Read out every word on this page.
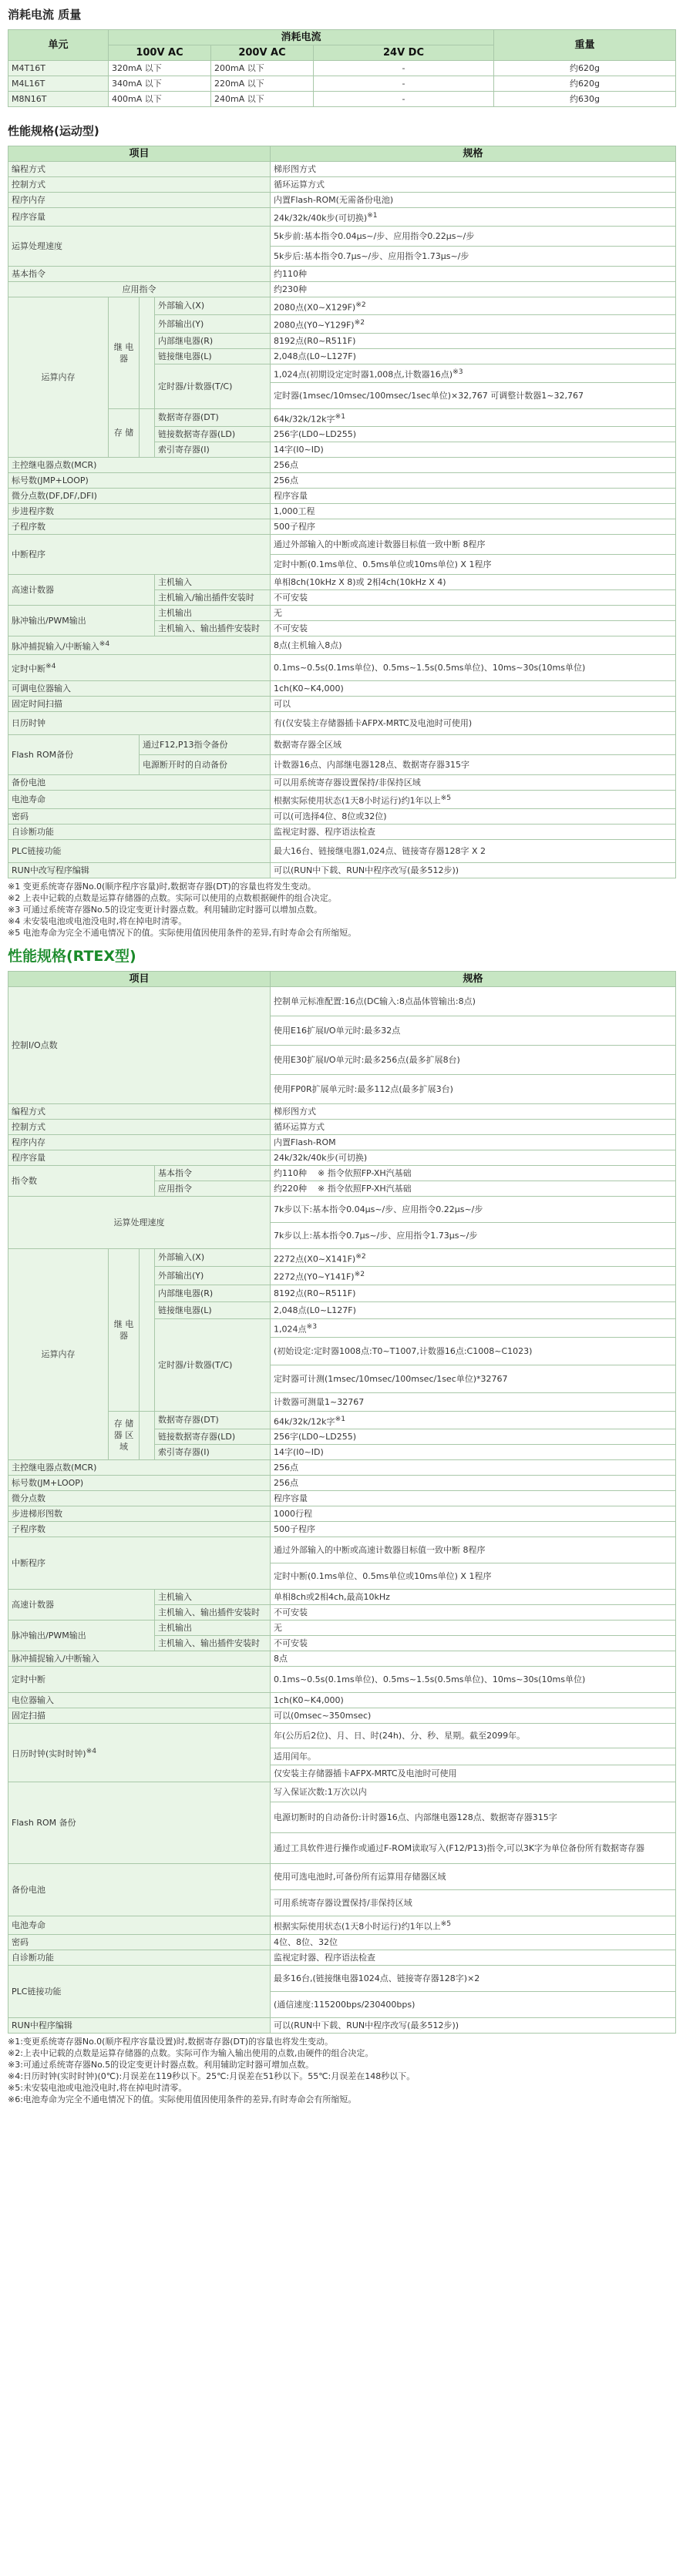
消耗电流 质量
单元	消耗电流			重量
	100V AC	200V AC	24V DC	
M4T16T	320mA 以下	200mA 以下	-	约620g
M4L16T	340mA 以下	220mA 以下	-	约620g
M8N16T	400mA 以下	240mA 以下	-	约630g
性能规格(运动型)
项目				规格
编程方式				梯形图方式
控制方式				循环运算方式
程序内存				内置Flash-ROM(无需备份电池)
程序容量				24k/32k/40k步(可切换)$^{※1}$
运算处理速度				5k步前:基本指令0.04μs~/步、应用指令0.22μs~/步
				5k步后:基本指令0.7μs~/步、应用指令1.73μs~/步
基本指令				约110种
应用指令				约230种
运算内存	继 电 器		外部输入(X)	2080点(X0~X129F)$^{※2}$
			外部输出(Y)	2080点(Y0~Y129F)$^{※2}$
			内部继电器(R)	8192点(R0~R511F)
			链接继电器(L)	2,048点(L0~L127F)
			定时器/计数器(T/C)	1,024点(初期设定定时器1,008点,计数器16点)$^{※3}$
				定时器(1msec/10msec/100msec/1sec单位)×32,767 可调整计数器1~32,767
	存 储		数据寄存器(DT)	64k/32k/12k字$^{※1}$
			链接数据寄存器(LD)	256字(LD0~LD255)
			索引寄存器(I)	14字(I0~ID)
主控继电器点数(MCR)				256点
标号数(JMP+LOOP)				256点
微分点数(DF,DF/,DFI)				程序容量
步进程序数				1,000工程
子程序数				500子程序
中断程序				通过外部输入的中断或高速计数器目标值一致中断 8程序
				定时中断(0.1ms单位、0.5ms单位或10ms单位) X 1程序
高速计数器			主机输入	单相8ch(10kHz X 8)或 2相4ch(10kHz X 4)
			主机输入/输出插件安装时	不可安装
脉冲输出/PWM输出			主机输出	无
			主机输入、输出插件安装时	不可安装
脉冲捕捉输入/中断输入$^{※4}$				8点(主机输入8点)
定时中断$^{※4}$				0.1ms~0.5s(0.1ms单位)、0.5ms~1.5s(0.5ms单位)、10ms~30s(10ms单位)
可调电位器输入				1ch(K0~K4,000)
固定时间扫描				可以
日历时钟				有(仅安装主存储器插卡AFPX-MRTC及电池时可使用)
Flash ROM备份		通过F12,P13指令备份		数据寄存器全区域
		电源断开时的自动备份		计数器16点、内部继电器128点、数据寄存器315字
备份电池				可以用系统寄存器设置保持/非保持区域
电池寿命				根据实际使用状态(1天8小时运行)约1年以上$^{※5}$
密码				可以(可选择4位、8位或32位)
自诊断功能				监视定时器、程序语法检查
PLC链接功能				最大16台、链接继电器1,024点、链接寄存器128字 X 2
RUN中改写程序编辑				可以(RUN中下载、RUN中程序改写(最多512步))
※1 变更系统寄存器No.0(顺序程序容量)时,数据寄存器(DT)的容量也将发生变动。
※2 上表中记载的点数是运算存储器的点数。实际可以使用的点数根据硬件的组合决定。
※3 可通过系统寄存器No.5的设定变更计时器点数。利用辅助定时器可以增加点数。
※4 未安装电池或电池没电时,将在掉电时清零。
※5 电池寿命为完全不通电情况下的值。实际使用值因使用条件的差异,有时寿命会有所缩短。
性能规格(RTEX型)
项目				规格
控制I/O点数				控制单元标准配置:16点(DC输入:8点晶体管输出:8点)
				使用E16扩展I/O单元时:最多32点
				使用E30扩展I/O单元时:最多256点(最多扩展8台)
				使用FP0R扩展单元时:最多112点(最多扩展3台)
编程方式				梯形图方式
控制方式				循环运算方式
程序内存				内置Flash-ROM
程序容量				24k/32k/40k步(可切换)
指令数			基本指令	约110种 ※ 指令依照FP-XH汽基础
			应用指令	约220种 ※ 指令依照FP-XH汽基础
运算处理速度				7k步以下:基本指令0.04μs~/步、应用指令0.22μs~/步
				7k步以上:基本指令0.7μs~/步、应用指令1.73μs~/步
运算内存	继 电 器		外部输入(X)	2272点(X0~X141F)$^{※2}$
			外部输出(Y)	2272点(Y0~Y141F)$^{※2}$
			内部继电器(R)	8192点(R0~R511F)
			链接继电器(L)	2,048点(L0~L127F)
			定时器/计数器(T/C)	1,024点$^{※3}$
				(初始设定:定时器1008点:T0~T1007,计数器16点:C1008~C1023)
				定时器可计测(1msec/10msec/100msec/1sec单位)*32767
				计数器可测量1~32767
	存 储 器 区 域		数据寄存器(DT)	64k/32k/12k字$^{※1}$
			链接数据寄存器(LD)	256字(LD0~LD255)
			索引寄存器(I)	14字(I0~ID)
主控继电器点数(MCR)				256点
标号数(JM+LOOP)				256点
微分点数				程序容量
步进梯形图数				1000行程
子程序数				500子程序
中断程序				通过外部输入的中断或高速计数器目标值一致中断 8程序
				定时中断(0.1ms单位、0.5ms单位或10ms单位) X 1程序
高速计数器			主机输入	单相8ch或2相4ch,最高10kHz
			主机输入、输出插件安装时	不可安装
脉冲输出/PWM输出			主机输出	无
			主机输入、输出插件安装时	不可安装
脉冲捕捉输入/中断输入				8点
定时中断				0.1ms~0.5s(0.1ms单位)、0.5ms~1.5s(0.5ms单位)、10ms~30s(10ms单位)
电位器输入				1ch(K0~K4,000)
固定扫描				可以(0msec~350msec)
日历时钟(实时时钟)$^{※4}$				年(公历后2位)、月、日、时(24h)、分、秒、星期。截至2099年。
				适用闰年。
				仅安装主存储器插卡AFPX-MRTC及电池时可使用
Flash ROM 备份				写入保证次数:1万次以内
				电源切断时的自动备份:计时器16点、内部继电器128点、数据寄存器315字
				通过工具软件进行操作或通过F-ROM读取写入(F12/P13)指令,可以3K字为单位备份所有数据寄存器
备份电池				使用可选电池时,可备份所有运算用存储器区域
				可用系统寄存器设置保持/非保持区域
电池寿命				根据实际使用状态(1天8小时运行)约1年以上$^{※5}$
密码				4位、8位、32位
自诊断功能				监视定时器、程序语法检查
PLC链接功能				最多16台,(链接继电器1024点、链接寄存器128字)×2
				(通信速度:115200bps/230400bps)
RUN中程序编辑				可以(RUN中下载、RUN中程序改写(最多512步))
※1:变更系统寄存器No.0(顺序程序容量设置)时,数据寄存器(DT)的容量也将发生变动。
※2:上表中记载的点数是运算存储器的点数。实际可作为输入输出使用的点数,由硬件的组合决定。
※3:可通过系统寄存器No.5的设定变更计时器点数。利用辅助定时器可增加点数。
※4:日历时钟(实时时钟)(0℃):月误差在119秒以下。25℃:月误差在51秒以下。55℃:月误差在148秒以下。
※5:未安装电池或电池没电时,将在掉电时清零。
※6:电池寿命为完全不通电情况下的值。实际使用值因使用条件的差异,有时寿命会有所缩短。
